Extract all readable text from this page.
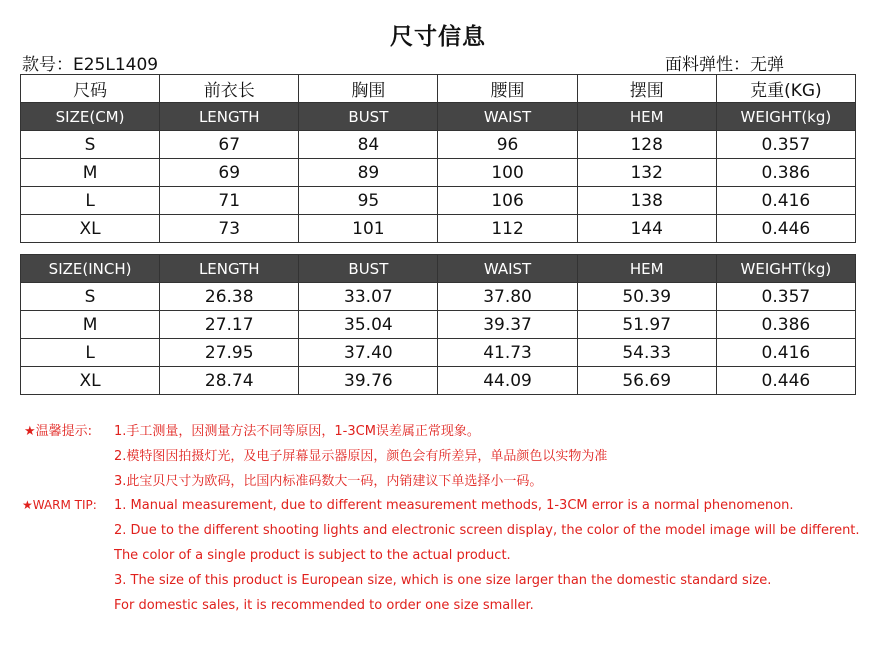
尺寸信息
款号：E25L1409	面料弹性：无弹
尺码	前衣长	胸围	腰围	摆围	克重(KG)
SIZE(CM)	LENGTH	BUST	WAIST	HEM	WEIGHT(kg)
S	67	84	96	128	0.357
M	69	89	100	132	0.386
L	71	95	106	138	0.416
XL	73	101	112	144	0.446
SIZE(INCH)	LENGTH	BUST	WAIST	HEM	WEIGHT(kg)
S	26.38	33.07	37.80	50.39	0.357
M	27.17	35.04	39.37	51.97	0.386
L	27.95	37.40	41.73	54.33	0.416
XL	28.74	39.76	44.09	56.69	0.446
★温馨提示: 1.手工测量，因测量方法不同等原因，1-3CM误差属正常现象。
2.模特图因拍摄灯光，及电子屏幕显示器原因，颜色会有所差异，单品颜色以实物为准
3.此宝贝尺寸为欧码，比国内标准码数大一码，内销建议下单选择小一码。
★WARM TIP: 1. Manual measurement, due to different measurement methods, 1-3CM error is a normal phenomenon.
2. Due to the different shooting lights and electronic screen display, the color of the model image will be different.
The color of a single product is subject to the actual product.
3. The size of this product is European size, which is one size larger than the domestic standard size.
For domestic sales, it is recommended to order one size smaller.
